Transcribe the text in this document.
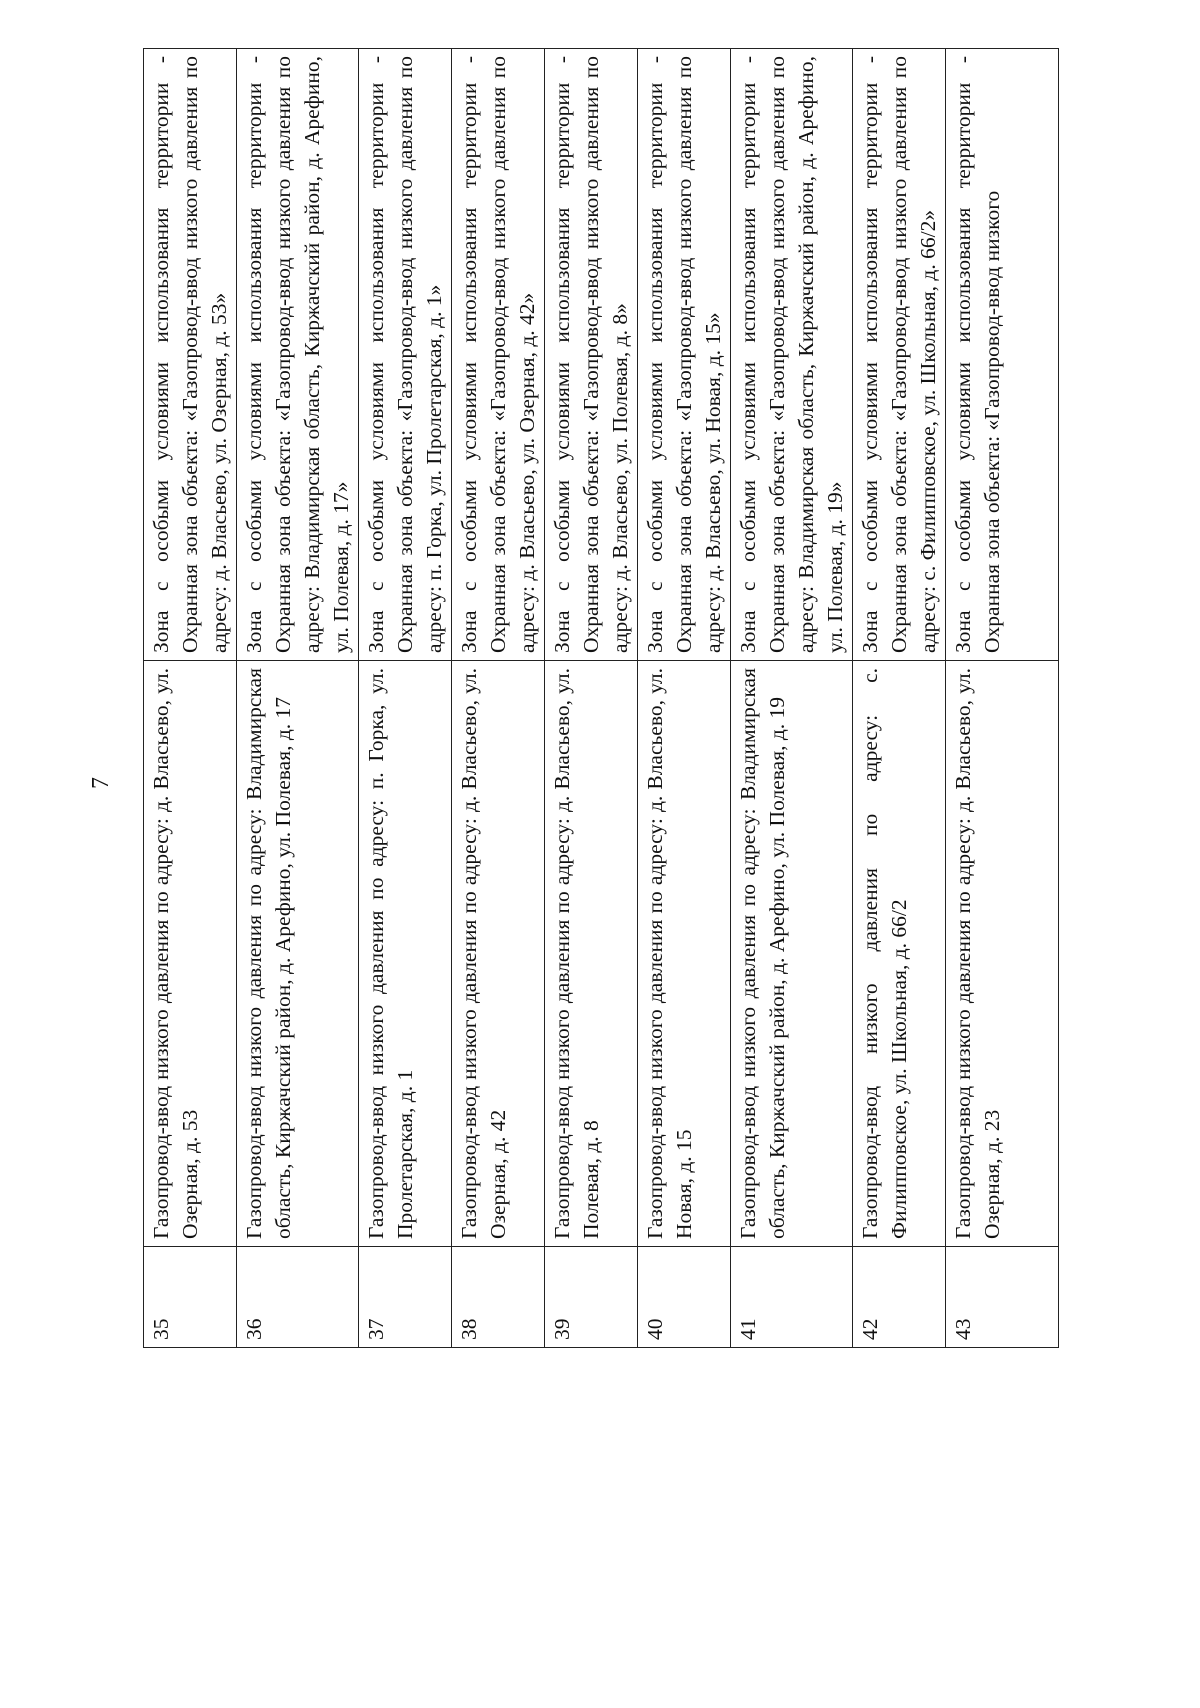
7
35	Газопровод-ввод низкого давления по адресу: д. Власьево, ул. Озерная, д. 53	Зона с особыми условиями использования территории - Охранная зона объекта: «Газопровод-ввод низкого давления по адресу: д. Власьево, ул. Озерная, д. 53»
36	Газопровод-ввод низкого давления по адресу: Владимирская область, Киржачский район, д. Арефино, ул. Полевая, д. 17	Зона с особыми условиями использования территории - Охранная зона объекта: «Газопровод-ввод низкого давления по адресу: Владимирская область, Киржачский район, д. Арефино, ул. Полевая, д. 17»
37	Газопровод-ввод низкого давления по адресу: п. Горка, ул. Пролетарская, д. 1	Зона с особыми условиями использования территории - Охранная зона объекта: «Газопровод-ввод низкого давления по адресу: п. Горка, ул. Пролетарская, д. 1»
38	Газопровод-ввод низкого давления по адресу: д. Власьево, ул. Озерная, д. 42	Зона с особыми условиями использования территории - Охранная зона объекта: «Газопровод-ввод низкого давления по адресу: д. Власьево, ул. Озерная, д. 42»
39	Газопровод-ввод низкого давления по адресу: д. Власьево, ул. Полевая, д. 8	Зона с особыми условиями использования территории - Охранная зона объекта: «Газопровод-ввод низкого давления по адресу: д. Власьево, ул. Полевая, д. 8»
40	Газопровод-ввод низкого давления по адресу: д. Власьево, ул. Новая, д. 15	Зона с особыми условиями использования территории - Охранная зона объекта: «Газопровод-ввод низкого давления по адресу: д. Власьево, ул. Новая, д. 15»
41	Газопровод-ввод низкого давления по адресу: Владимирская область, Киржачский район, д. Арефино, ул. Полевая, д. 19	Зона с особыми условиями использования территории - Охранная зона объекта: «Газопровод-ввод низкого давления по адресу: Владимирская область, Киржачский район, д. Арефино, ул. Полевая, д. 19»
42	Газопровод-ввод низкого давления по адресу: с. Филипповское, ул. Школьная, д. 66/2	Зона с особыми условиями использования территории - Охранная зона объекта: «Газопровод-ввод низкого давления по адресу: с. Филипповское, ул. Школьная, д. 66/2»
43	Газопровод-ввод низкого давления по адресу: д. Власьево, ул. Озерная, д. 23	Зона с особыми условиями использования территории - Охранная зона объекта: «Газопровод-ввод низкого
